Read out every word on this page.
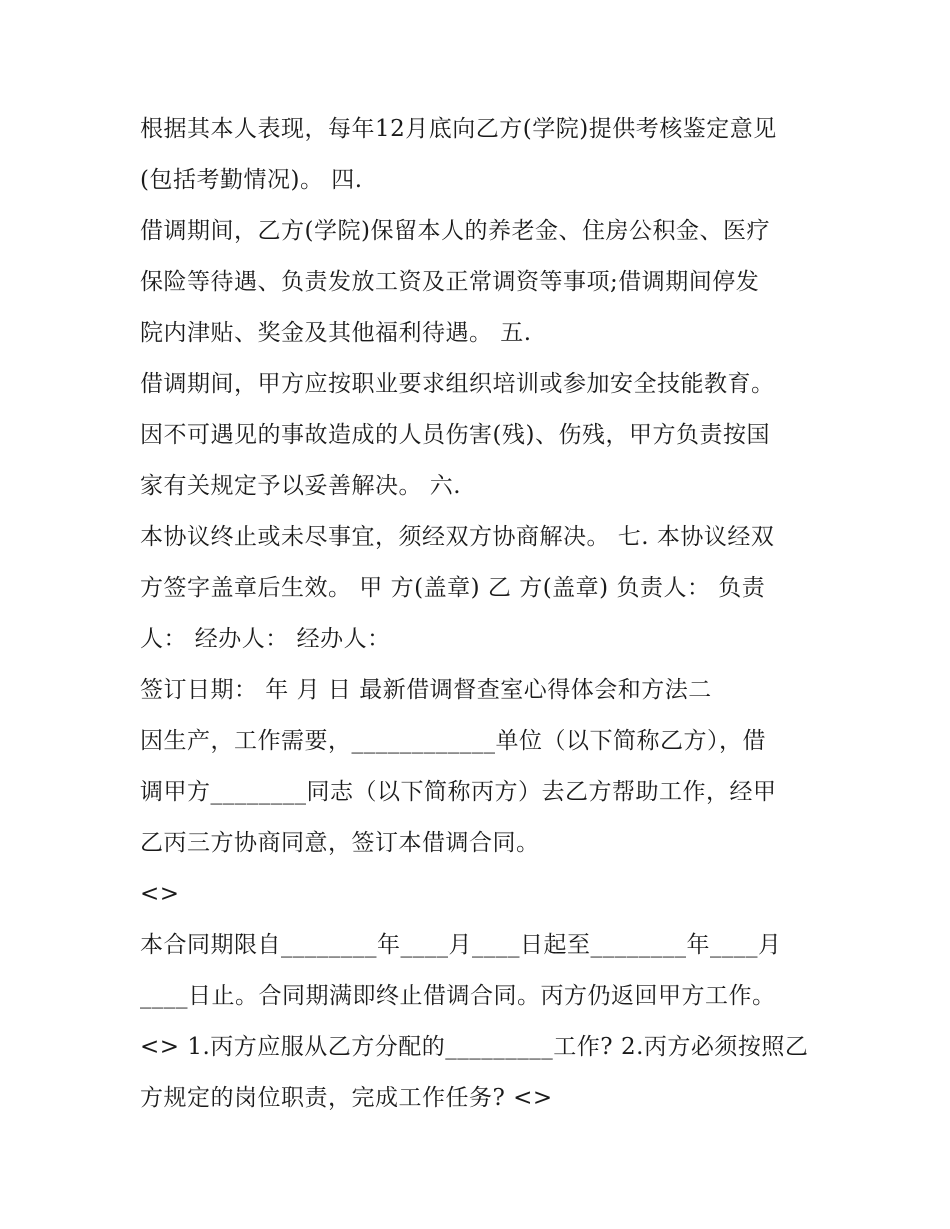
根据其本人表现，每年12月底向乙方(学院)提供考核鉴定意见
(包括考勤情况)。 四.
借调期间，乙方(学院)保留本人的养老金、住房公积金、医疗
保险等待遇、负责发放工资及正常调资等事项;借调期间停发
院内津贴、奖金及其他福利待遇。 五.
借调期间，甲方应按职业要求组织培训或参加安全技能教育。
因不可遇见的事故造成的人员伤害(残)、伤残，甲方负责按国
家有关规定予以妥善解决。 六.
本协议终止或未尽事宜，须经双方协商解决。 七. 本协议经双
方签字盖章后生效。 甲 方(盖章) 乙 方(盖章) 负责人： 负责
人： 经办人： 经办人：
签订日期： 年 月 日 最新借调督查室心得体会和方法二
因生产，工作需要，____________单位（以下简称乙方），借
调甲方________同志（以下简称丙方）去乙方帮助工作，经甲
乙丙三方协商同意，签订本借调合同。
<>
本合同期限自________年____月____日起至________年____月
____日止。合同期满即终止借调合同。丙方仍返回甲方工作。
<> 1.丙方应服从乙方分配的_________工作? 2.丙方必须按照乙
方规定的岗位职责，完成工作任务? <>
